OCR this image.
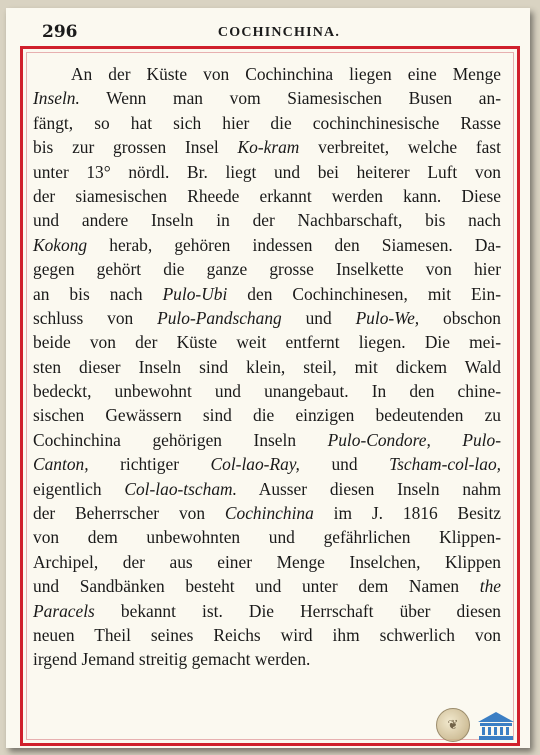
296	COCHINCHINA.
An der Küste von Cochinchina liegen eine Menge
Inseln. Wenn man vom Siamesischen Busen an-
fängt, so hat sich hier die cochinchinesische Rasse
bis zur grossen Insel Ko-kram verbreitet, welche fast
unter 13° nördl. Br. liegt und bei heiterer Luft von
der siamesischen Rheede erkannt werden kann. Diese
und andere Inseln in der Nachbarschaft, bis nach
Kokong herab, gehören indessen den Siamesen. Da-
gegen gehört die ganze grosse Inselkette von hier
an bis nach Pulo-Ubi den Cochinchinesen, mit Ein-
schluss von Pulo-Pandschang und Pulo-We, obschon
beide von der Küste weit entfernt liegen. Die mei-
sten dieser Inseln sind klein, steil, mit dickem Wald
bedeckt, unbewohnt und unangebaut. In den chine-
sischen Gewässern sind die einzigen bedeutenden zu
Cochinchina gehörigen Inseln Pulo-Condore, Pulo-
Canton, richtiger Col-lao-Ray, und Tscham-col-lao,
eigentlich Col-lao-tscham. Ausser diesen Inseln nahm
der Beherrscher von Cochinchina im J. 1816 Besitz
von dem unbewohnten und gefährlichen Klippen-
Archipel, der aus einer Menge Inselchen, Klippen
und Sandbänken besteht und unter dem Namen the
Paracels bekannt ist. Die Herrschaft über diesen
neuen Theil seines Reichs wird ihm schwerlich von
irgend Jemand streitig gemacht werden.
❦
